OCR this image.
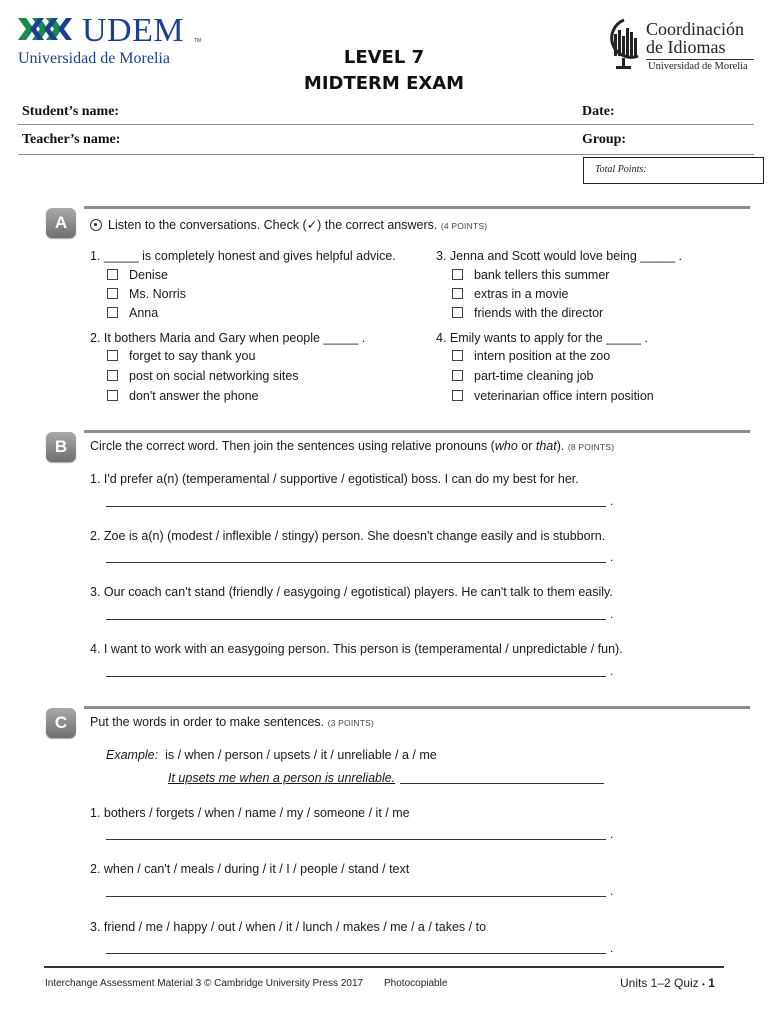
UDEM TM
Universidad de Morelia	LEVEL 7
MIDTERM EXAM
Coordinación
de Idiomas
Universidad de Morelia
Student’s name:	Date:
Teacher’s name:	Group:
Total Points:
A	Listen to the conversations. Check (✓) the correct answers. (4 POINTS)
1. _____ is completely honest and gives helpful advice.
Denise
Ms. Norris
Anna
2. It bothers Maria and Gary when people _____ .
forget to say thank you
post on social networking sites
don't answer the phone
3. Jenna and Scott would love being _____ .
bank tellers this summer
extras in a movie
friends with the director
4. Emily wants to apply for the _____ .
intern position at the zoo
part-time cleaning job
veterinarian office intern position
B	Circle the correct word. Then join the sentences using relative pronouns (who or that). (8 POINTS)
1. I'd prefer a(n) (temperamental / supportive / egotistical) boss. I can do my best for her.
.
2. Zoe is a(n) (modest / inflexible / stingy) person. She doesn't change easily and is stubborn.
.
3. Our coach can't stand (friendly / easygoing / egotistical) players. He can't talk to them easily.
.
4. I want to work with an easygoing person. This person is (temperamental / unpredictable / fun).
.
C	Put the words in order to make sentences. (3 POINTS)
Example: is / when / person / upsets / it / unreliable / a / me
It upsets me when a person is unreliable.
1. bothers / forgets / when / name / my / someone / it / me
.
2. when / can't / meals / during / it / I / people / stand / text
.
3. friend / me / happy / out / when / it / lunch / makes / me / a / takes / to
.
Interchange Assessment Material 3 © Cambridge University Press 2017 Photocopiable	Units 1–2 Quiz • 1
